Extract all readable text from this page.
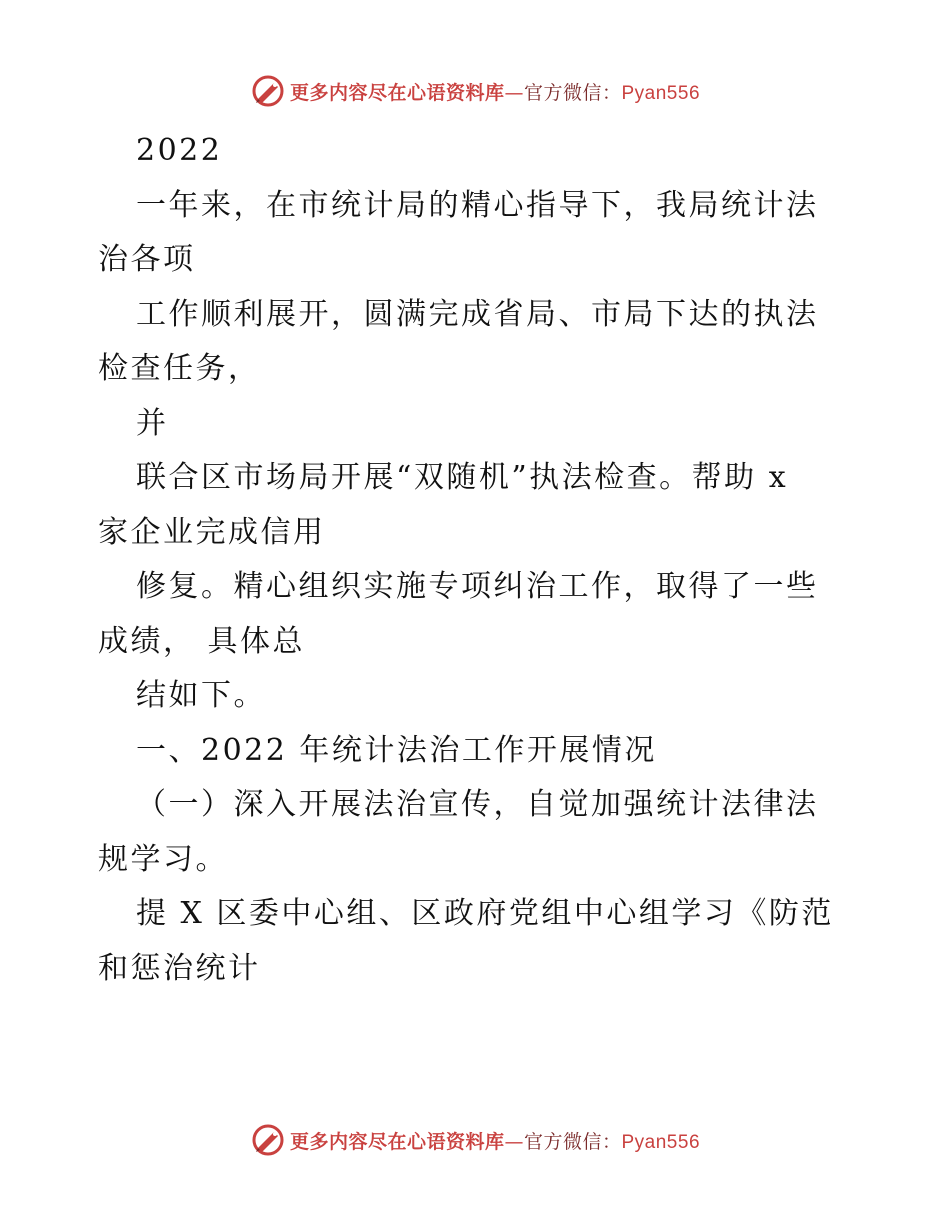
更多内容尽在心语资料库—官方微信：Pyan556
2022
一年来，在市统计局的精心指导下，我局统计法
治各项
工作顺利展开，圆满完成省局、市局下达的执法
检查任务，
并
联合区市场局开展“双随机”执法检查。帮助 x
家企业完成信用
修复。精心组织实施专项纠治工作，取得了一些
成绩， 具体总
结如下。
一、2022 年统计法治工作开展情况
（一）深入开展法治宣传，自觉加强统计法律法
规学习。
提 X 区委中心组、区政府党组中心组学习《防范
和惩治统计
更多内容尽在心语资料库—官方微信：Pyan556
